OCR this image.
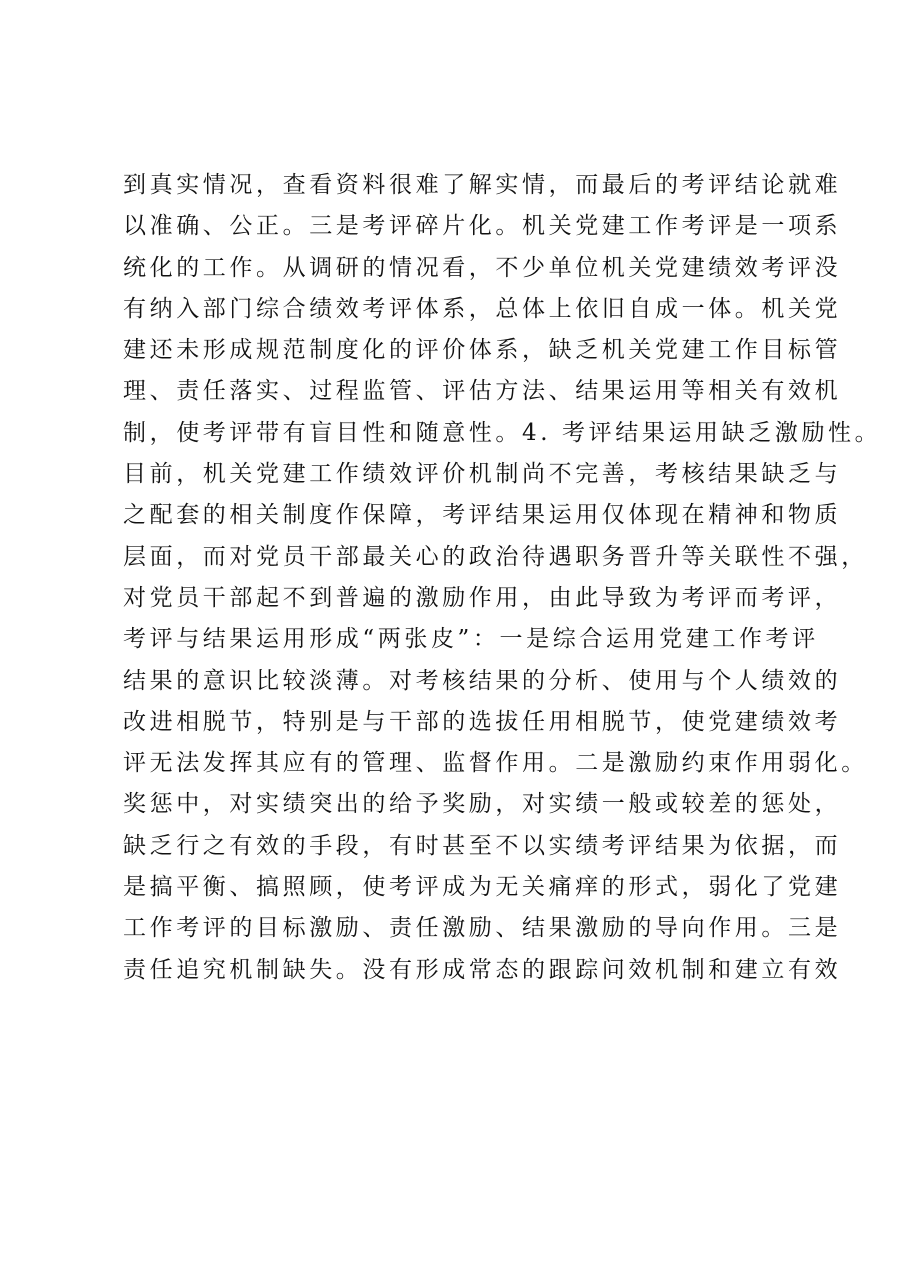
到真实情况，查看资料很难了解实情，而最后的考评结论就难
以准确、公正。三是考评碎片化。机关党建工作考评是一项系
统化的工作。从调研的情况看，不少单位机关党建绩效考评没
有纳入部门综合绩效考评体系，总体上依旧自成一体。机关党
建还未形成规范制度化的评价体系，缺乏机关党建工作目标管
理、责任落实、过程监管、评估方法、结果运用等相关有效机
制，使考评带有盲目性和随意性。4. 考评结果运用缺乏激励性。
目前，机关党建工作绩效评价机制尚不完善，考核结果缺乏与
之配套的相关制度作保障，考评结果运用仅体现在精神和物质
层面，而对党员干部最关心的政治待遇职务晋升等关联性不强，
对党员干部起不到普遍的激励作用，由此导致为考评而考评，
考评与结果运用形成“两张皮”：一是综合运用党建工作考评
结果的意识比较淡薄。对考核结果的分析、使用与个人绩效的
改进相脱节，特别是与干部的选拔任用相脱节，使党建绩效考
评无法发挥其应有的管理、监督作用。二是激励约束作用弱化。
奖惩中，对实绩突出的给予奖励，对实绩一般或较差的惩处，
缺乏行之有效的手段，有时甚至不以实绩考评结果为依据，而
是搞平衡、搞照顾，使考评成为无关痛痒的形式，弱化了党建
工作考评的目标激励、责任激励、结果激励的导向作用。三是
责任追究机制缺失。没有形成常态的跟踪问效机制和建立有效
